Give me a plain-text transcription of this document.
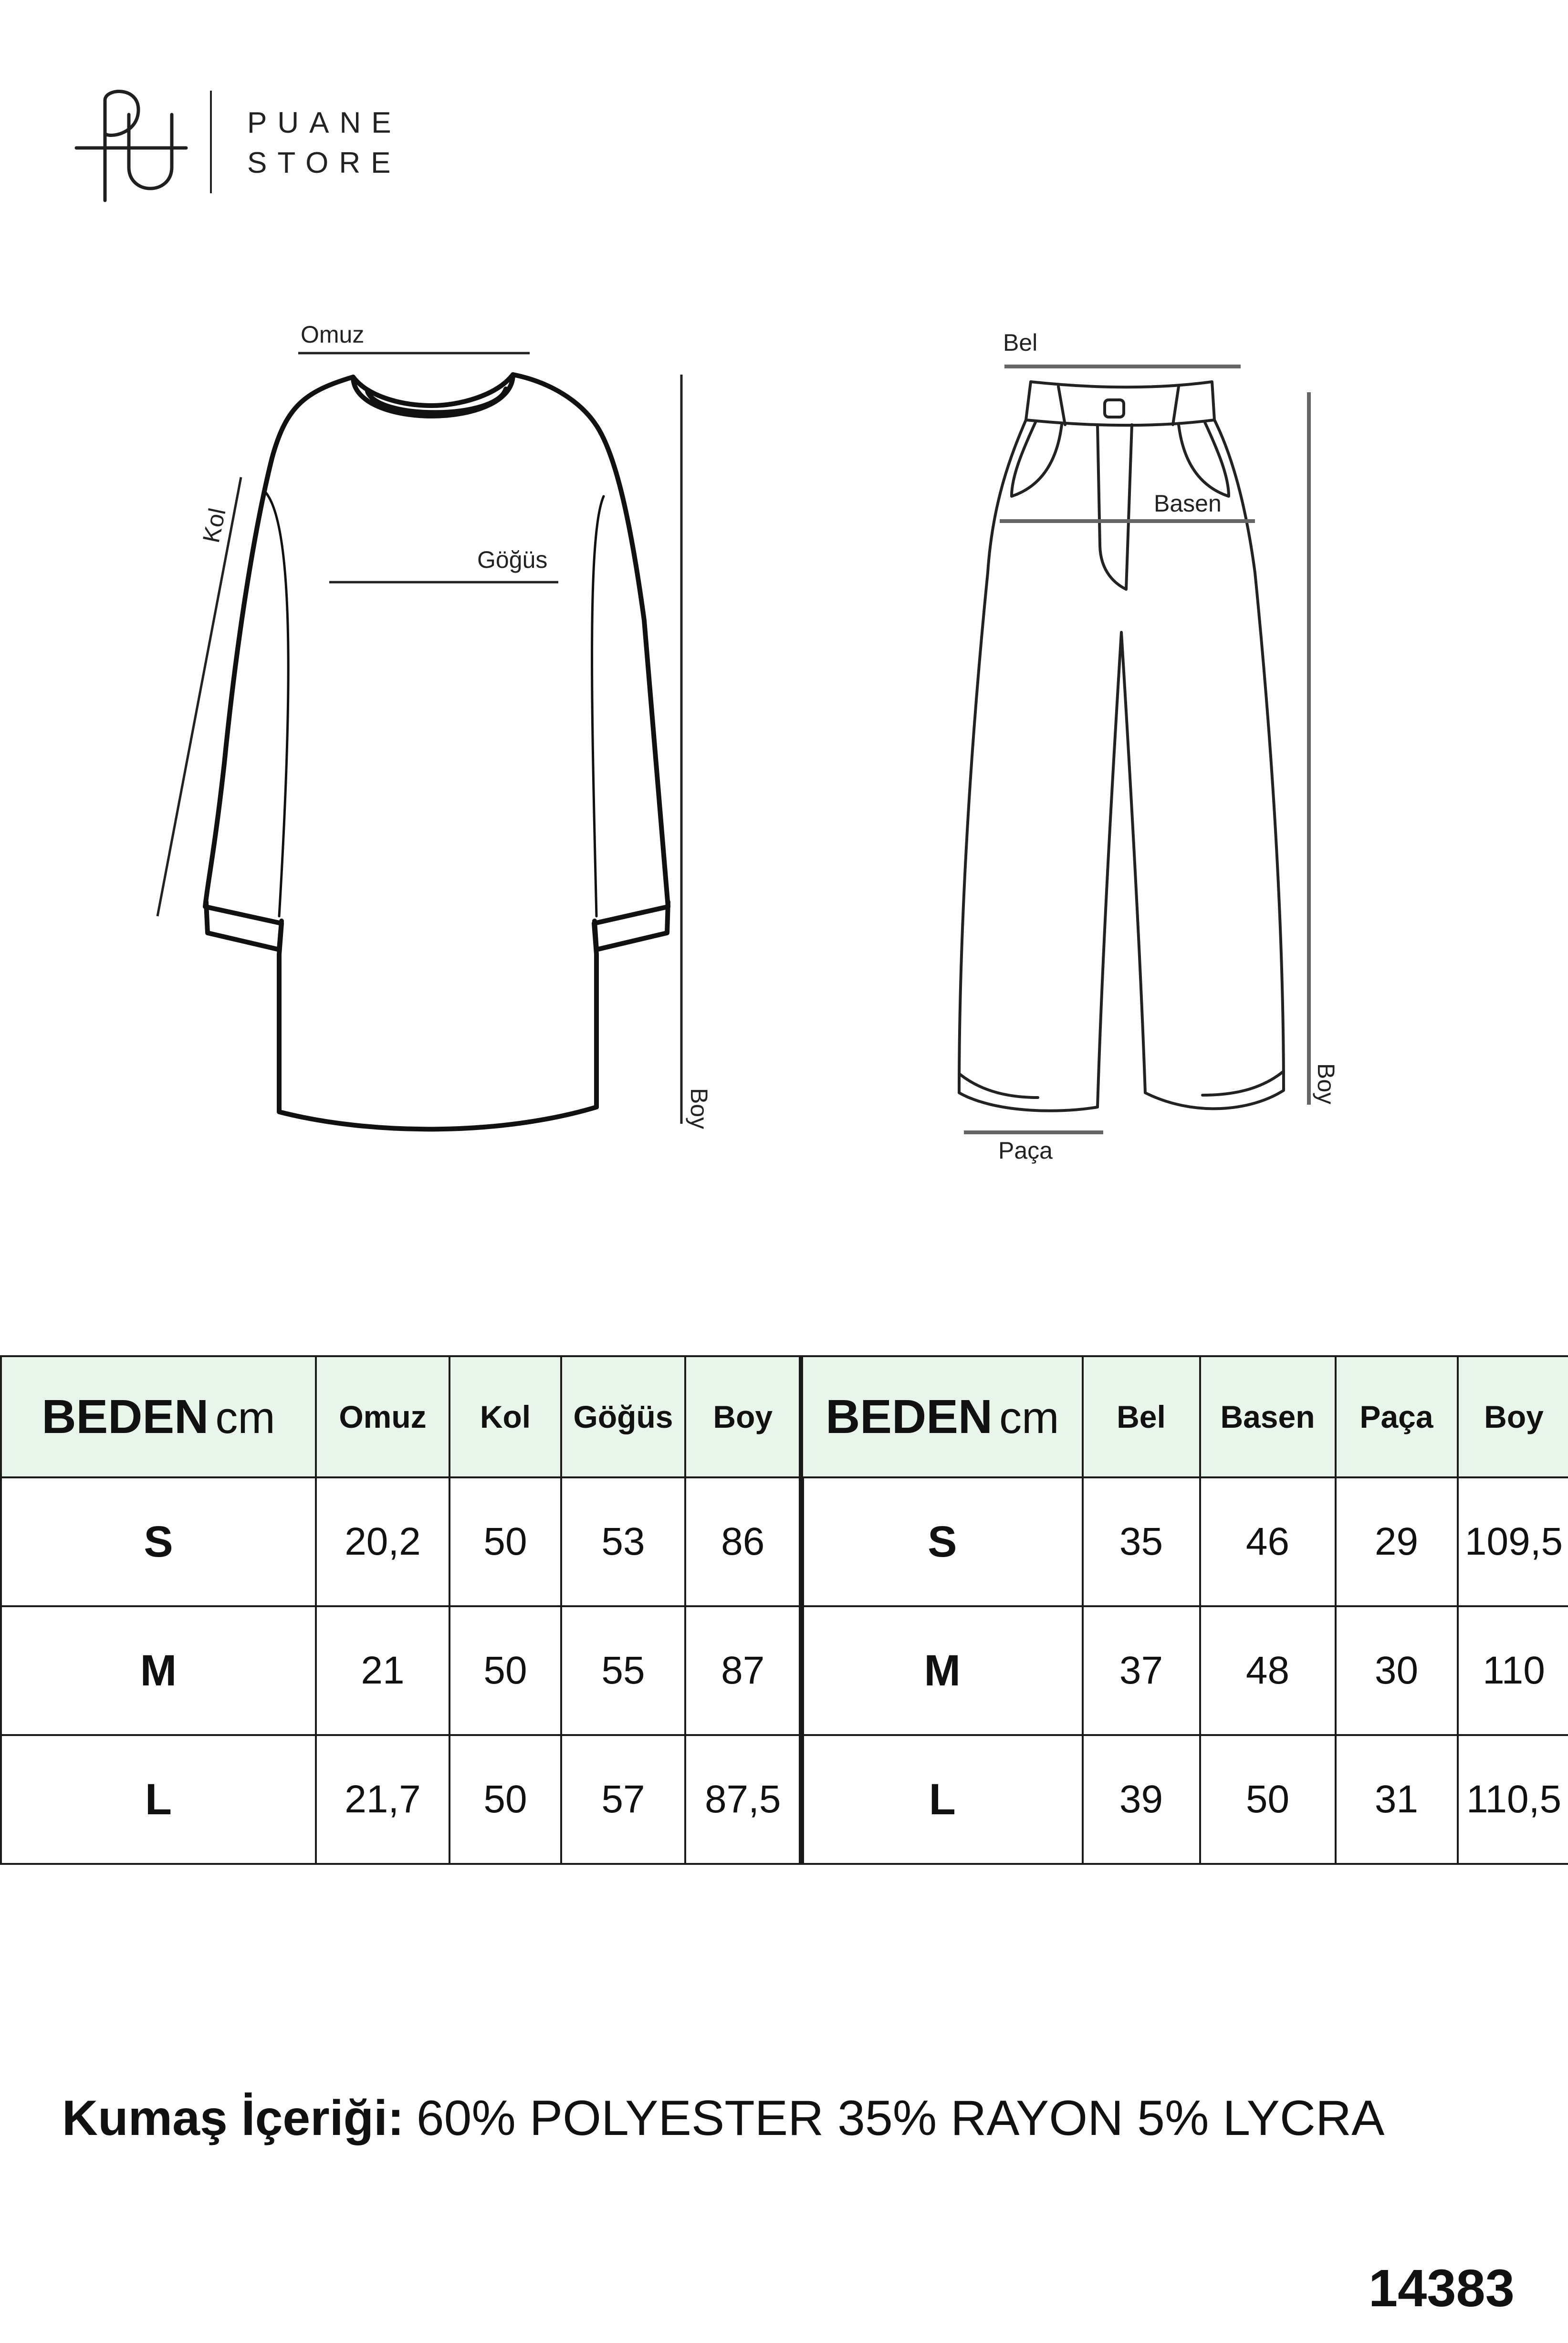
PUANE
STORE
Omuz
Göğüs
Kol
Boy
Bel
Basen
Paça
Boy
BEDEN cm	Omuz	Kol	Göğüs	Boy
S	20,2	50	53	86
M	21	50	55	87
L	21,7	50	57	87,5
BEDEN cm	Bel	Basen	Paça	Boy
S	35	46	29	109,5
M	37	48	30	110
L	39	50	31	110,5
Kumaş İçeriği: 60% POLYESTER 35% RAYON 5% LYCRA
14383
